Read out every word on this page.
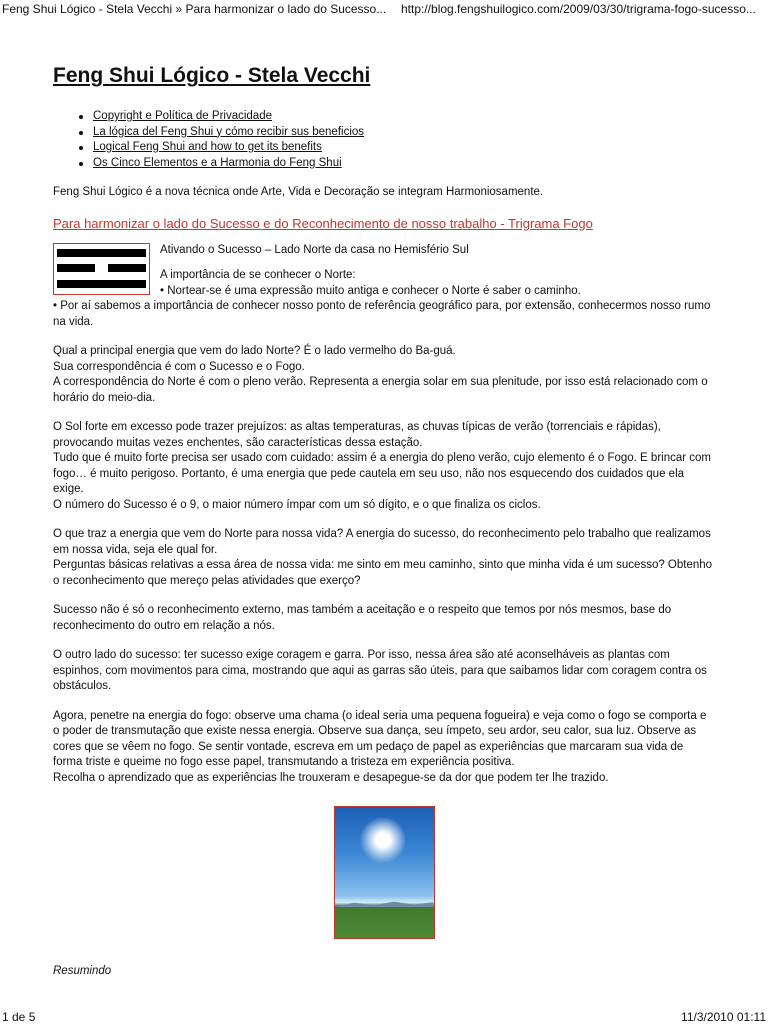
Feng Shui Lógico - Stela Vecchi » Para harmonizar o lado do Sucesso... http://blog.fengshuilogico.com/2009/03/30/trigrama-fogo-sucesso...
Feng Shui Lógico - Stela Vecchi
Copyright e Política de Privacidade
La lógica del Feng Shui y cómo recibir sus beneficios
Logical Feng Shui and how to get its benefits
Os Cinco Elementos e a Harmonia do Feng Shui

Feng Shui Lógico é a nova técnica onde Arte, Vida e Decoração se integram Harmoniosamente.

Para harmonizar o lado do Sucesso e do Reconhecimento de nosso trabalho - Trigrama Fogo

Ativando o Sucesso – Lado Norte da casa no Hemisfério Sul

A importância de se conhecer o Norte:

• Nortear-se é uma expressão muito antiga e conhecer o Norte é saber o caminho.

• Por aí sabemos a importância de conhecer nosso ponto de referência geográfico para, por extensão, conhecermos nosso rumo na vida.

Qual a principal energia que vem do lado Norte? É o lado vermelho do Ba-guá.

Sua correspondência é com o Sucesso e o Fogo.

A correspondência do Norte é com o pleno verão. Representa a energia solar em sua plenitude, por isso está relacionado com o horário do meio-dia.

O Sol forte em excesso pode trazer prejuízos: as altas temperaturas, as chuvas típicas de verão (torrenciais e rápidas), provocando muitas vezes enchentes, são características dessa estação.

Tudo que é muito forte precisa ser usado com cuidado: assim é a energia do pleno verão, cujo elemento é o Fogo. E brincar com fogo… é muito perigoso. Portanto, é uma energia que pede cautela em seu uso, não nos esquecendo dos cuidados que ela exige.

O número do Sucesso é o 9, o maior número ímpar com um só dígito, e o que finaliza os ciclos.

O que traz a energia que vem do Norte para nossa vida? A energia do sucesso, do reconhecimento pelo trabalho que realizamos em nossa vida, seja ele qual for.

Perguntas básicas relativas a essa área de nossa vida: me sinto em meu caminho, sinto que minha vida é um sucesso? Obtenho o reconhecimento que mereço pelas atividades que exerço?

Sucesso não é só o reconhecimento externo, mas também a aceitação e o respeito que temos por nós mesmos, base do reconhecimento do outro em relação a nós.

O outro lado do sucesso: ter sucesso exige coragem e garra. Por isso, nessa área são até aconselháveis as plantas com espinhos, com movimentos para cima, mostrando que aqui as garras são úteis, para que saibamos lidar com coragem contra os obstáculos.

Agora, penetre na energia do fogo: observe uma chama (o ideal seria uma pequena fogueira) e veja como o fogo se comporta e o poder de transmutação que existe nessa energia. Observe sua dança, seu ímpeto, seu ardor, seu calor, sua luz. Observe as cores que se vêem no fogo. Se sentir vontade, escreva em um pedaço de papel as experiências que marcaram sua vida de forma triste e queime no fogo esse papel, transmutando a tristeza em experiência positiva.

Recolha o aprendizado que as experiências lhe trouxeram e desapegue-se da dor que podem ter lhe trazido.

Resumindo

1 de 5	11/3/2010 01:11
